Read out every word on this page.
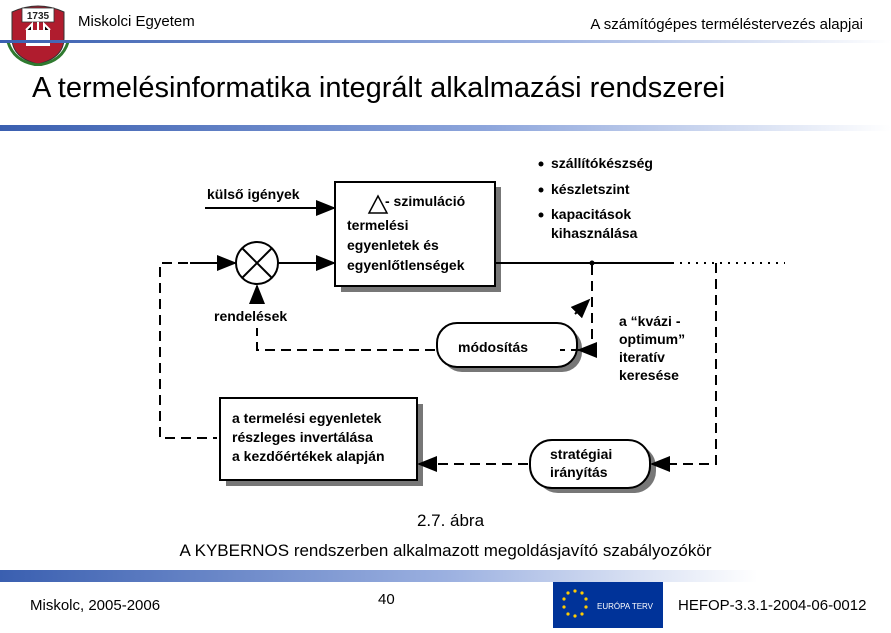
1735 Miskolci Egyetem	A számítógépes terméléstervezés alapjai
A termelésinformatika integrált alkalmazási rendszerei
külső igények	- szimuláció
termelési
egyenletek és
egyenlőtlenségek
szállítókészség
készletszint
kapacitások
kihasználása
rendelések
módosítás
a “kvázi -
optimum”
iteratív
keresése
a termelési egyenletek
részleges invertálása
a kezdőértékek alapján	stratégiai
irányítás
2.7. ábra
A KYBERNOS rendszerben alkalmazott megoldásjavító szabályozókör
Miskolc, 2005-2006	40	EURÓPA TERV HEFOP-3.3.1-2004-06-0012
